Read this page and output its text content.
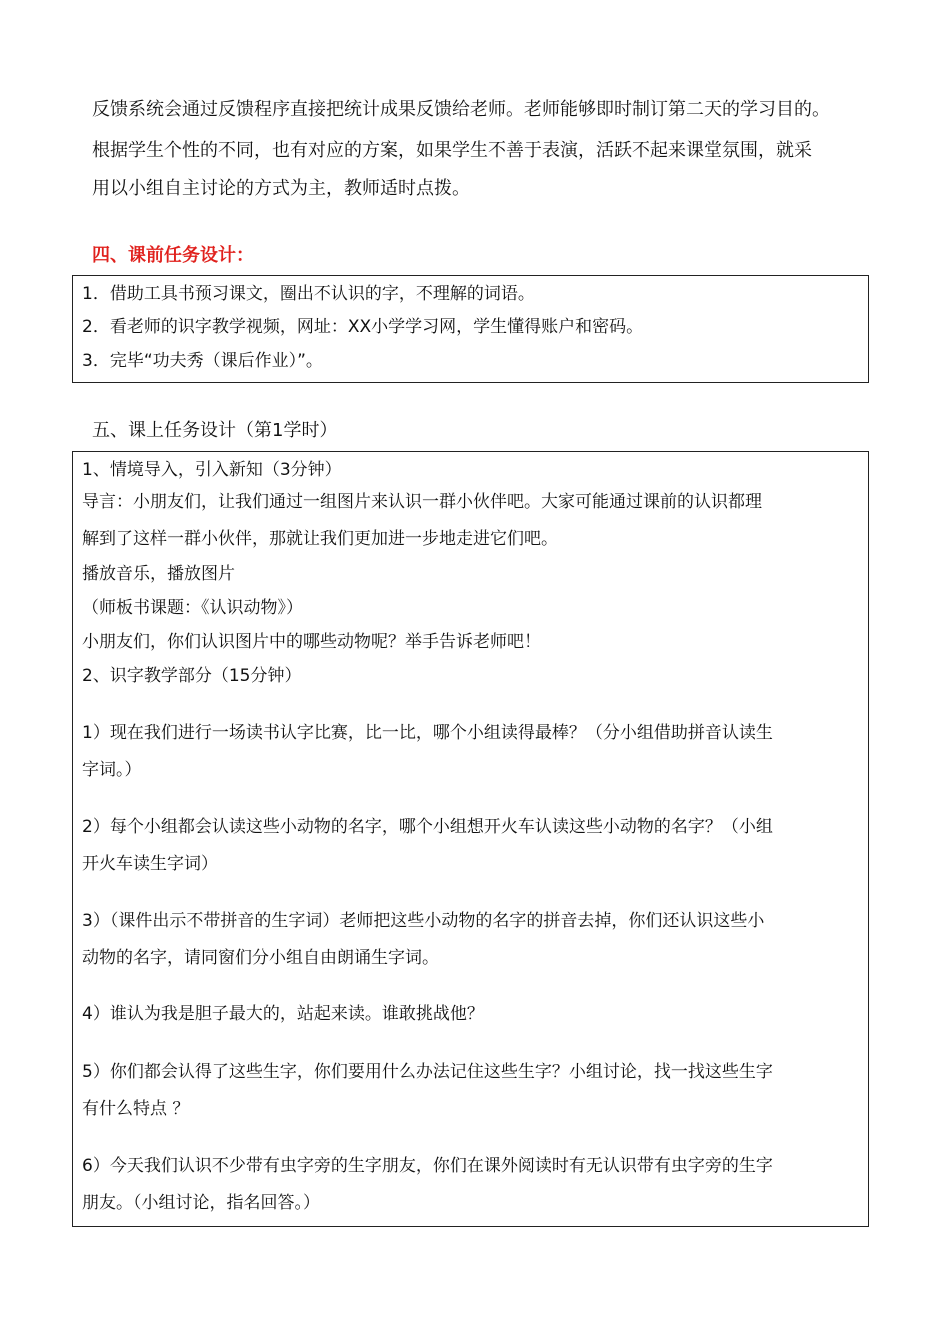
反馈系统会通过反馈程序直接把统计成果反馈给老师。老师能够即时制订第二天的学习目的。

根据学生个性的不同，也有对应的方案，如果学生不善于表演，活跃不起来课堂氛围，就采

用以小组自主讨论的方式为主，教师适时点拨。

四、课前任务设计：

1．借助工具书预习课文，圈出不认识的字，不理解的词语。

2．看老师的识字教学视频，网址：XX小学学习网，学生懂得账户和密码。

3．完毕“功夫秀（课后作业）”。

五、课上任务设计（第1学时）

1、情境导入，引入新知（3分钟）

导言：小朋友们，让我们通过一组图片来认识一群小伙伴吧。大家可能通过课前的认识都理

解到了这样一群小伙伴，那就让我们更加进一步地走进它们吧。

播放音乐，播放图片

（师板书课题：《认识动物》）

小朋友们，你们认识图片中的哪些动物呢？举手告诉老师吧！

2、识字教学部分（15分钟）

1）现在我们进行一场读书认字比赛，比一比，哪个小组读得最棒？（分小组借助拼音认读生

字词。）

2）每个小组都会认读这些小动物的名字，哪个小组想开火车认读这些小动物的名字？（小组

开火车读生字词）

3）（课件出示不带拼音的生字词）老师把这些小动物的名字的拼音去掉，你们还认识这些小

动物的名字，请同窗们分小组自由朗诵生字词。

4）谁认为我是胆子最大的，站起来读。谁敢挑战他？

5）你们都会认得了这些生字，你们要用什么办法记住这些生字？小组讨论，找一找这些生字

有什么特点 ？

6）今天我们认识不少带有虫字旁的生字朋友，你们在课外阅读时有无认识带有虫字旁的生字

朋友。（小组讨论，指名回答。）
